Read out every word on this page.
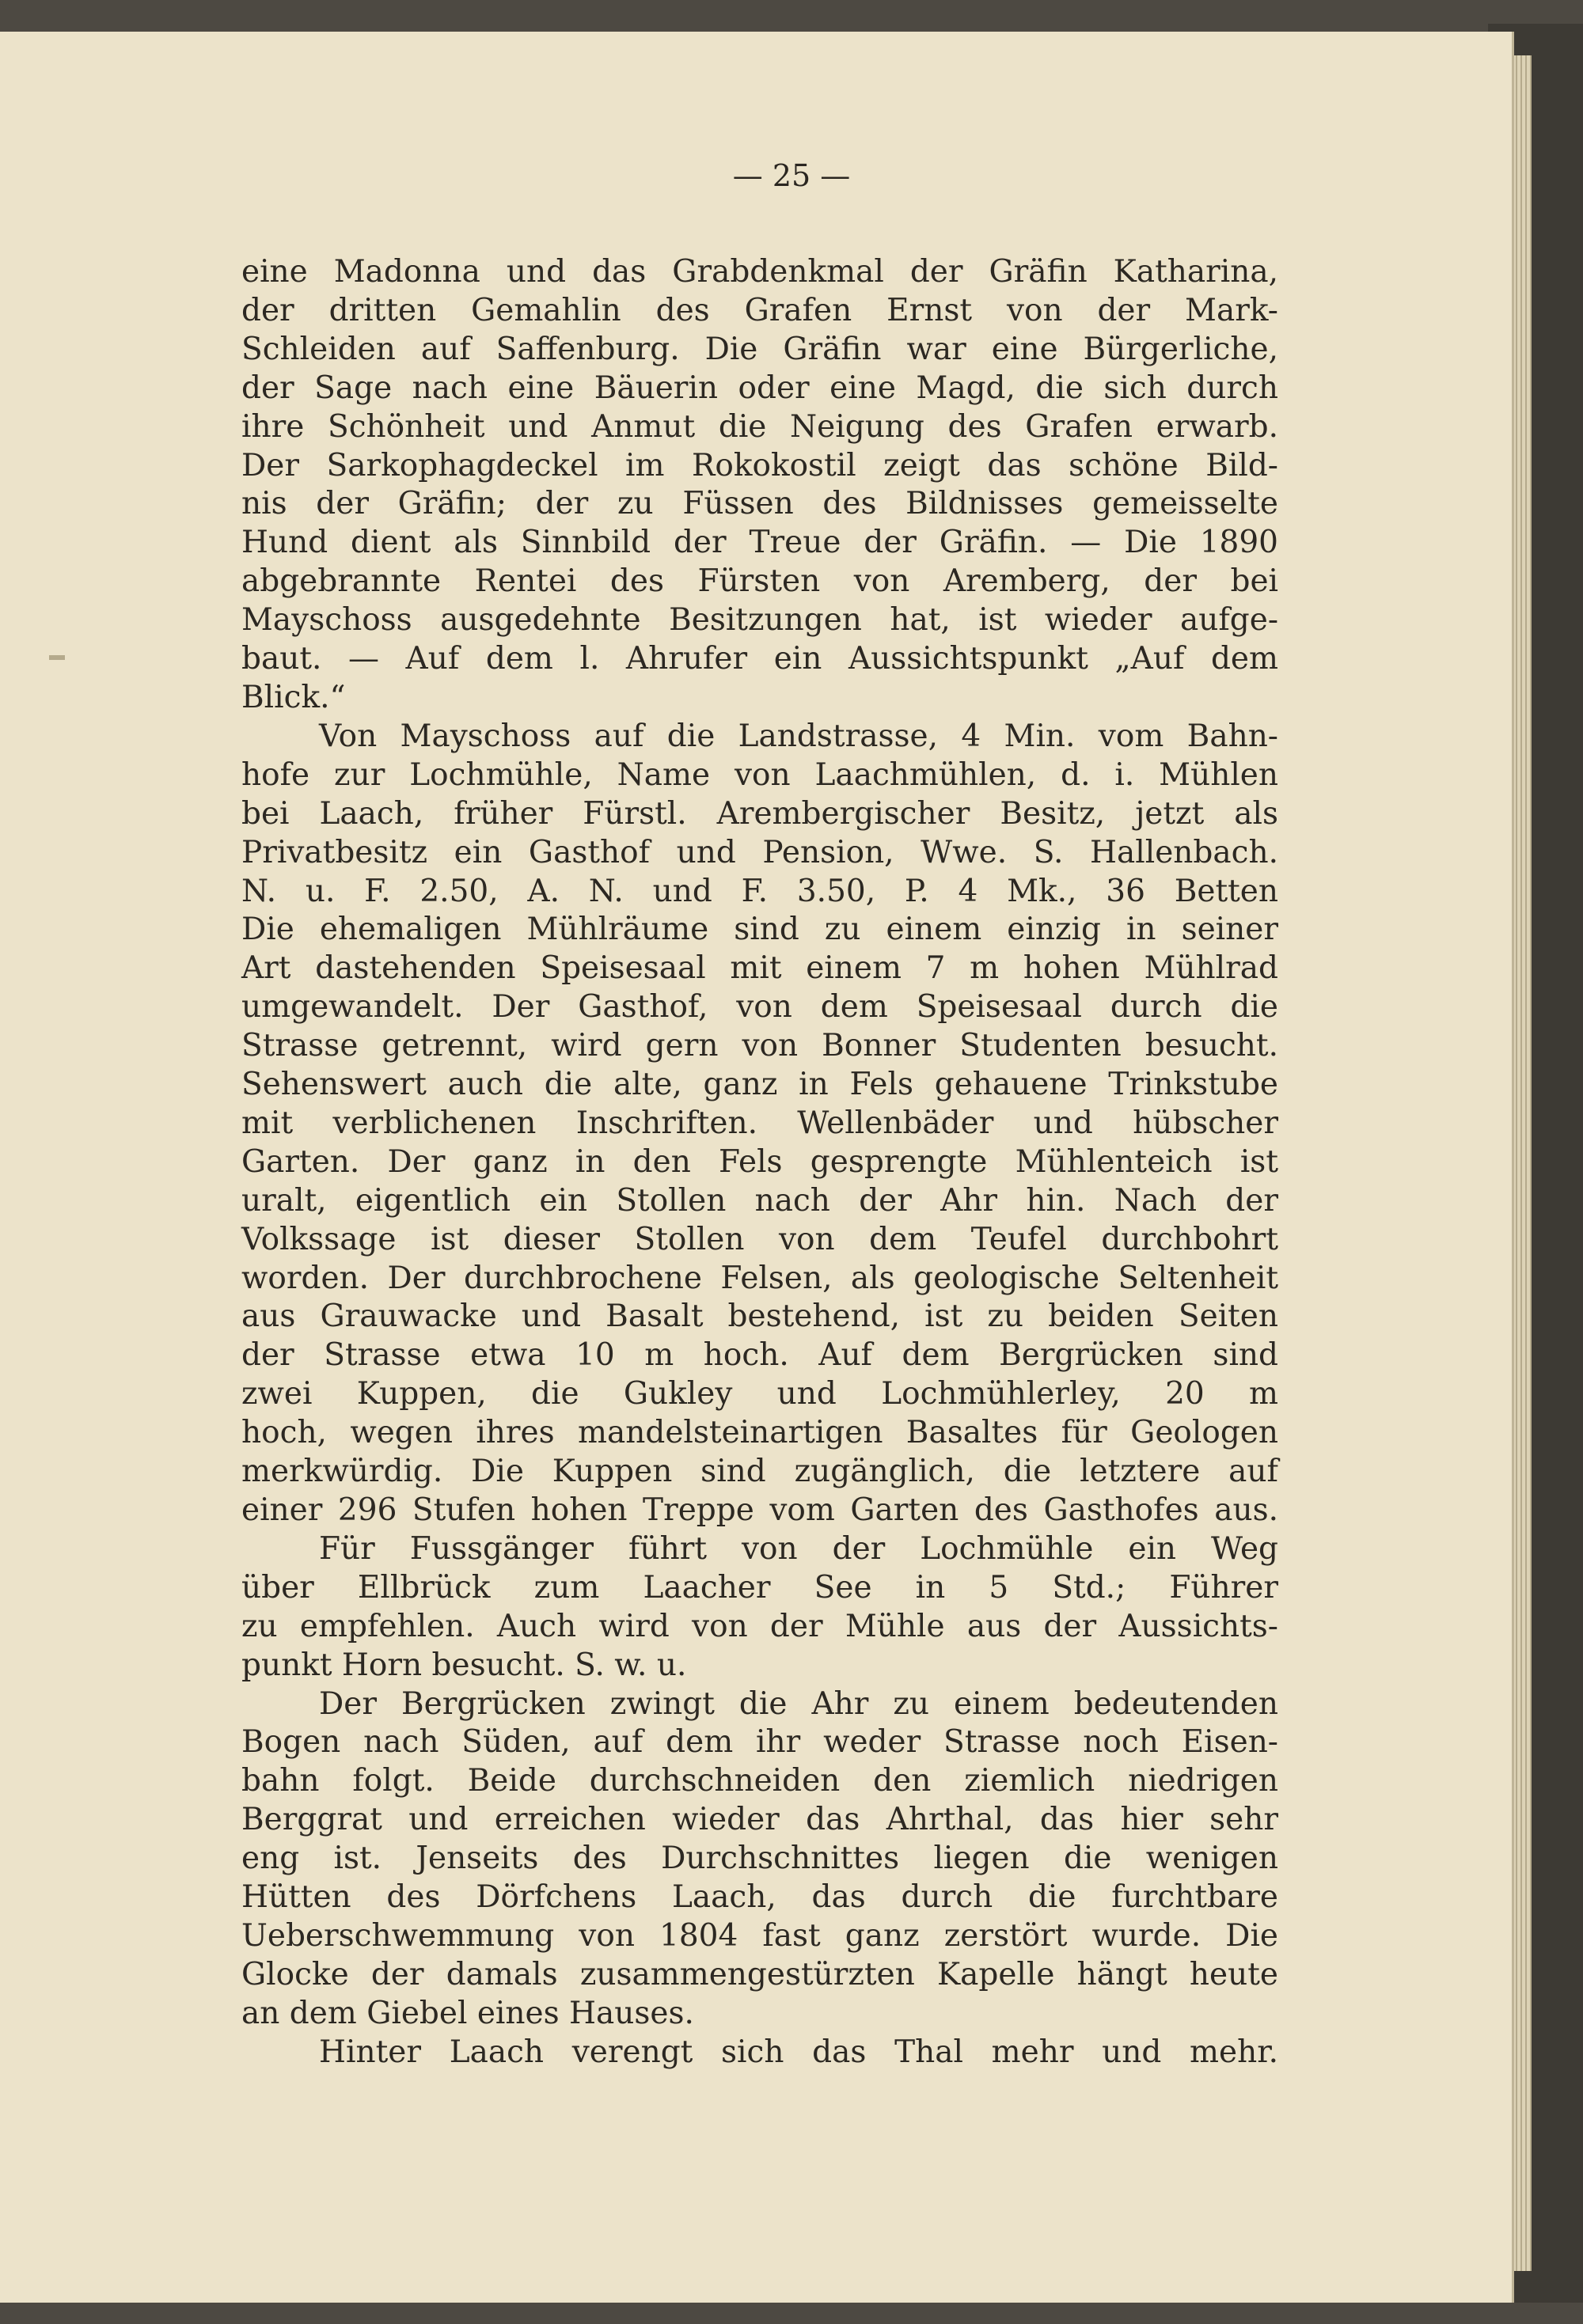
— 25 —
eine Madonna und das Grabdenkmal der Gräfin Katharina,
der dritten Gemahlin des Grafen Ernst von der Mark-
Schleiden auf Saffenburg. Die Gräfin war eine Bürgerliche,
der Sage nach eine Bäuerin oder eine Magd, die sich durch
ihre Schönheit und Anmut die Neigung des Grafen erwarb.
Der Sarkophagdeckel im Rokokostil zeigt das schöne Bild-
nis der Gräfin; der zu Füssen des Bildnisses gemeisselte
Hund dient als Sinnbild der Treue der Gräfin. — Die 1890
abgebrannte Rentei des Fürsten von Aremberg, der bei
Mayschoss ausgedehnte Besitzungen hat, ist wieder aufge-
baut. — Auf dem l. Ahrufer ein Aussichtspunkt „Auf dem
Blick.“
Von Mayschoss auf die Landstrasse, 4 Min. vom Bahn-
hofe zur Lochmühle, Name von Laachmühlen, d. i. Mühlen
bei Laach, früher Fürstl. Arembergischer Besitz, jetzt als
Privatbesitz ein Gasthof und Pension, Wwe. S. Hallenbach.
N. u. F. 2.50, A. N. und F. 3.50, P. 4 Mk., 36 Betten
Die ehemaligen Mühlräume sind zu einem einzig in seiner
Art dastehenden Speisesaal mit einem 7 m hohen Mühlrad
umgewandelt. Der Gasthof, von dem Speisesaal durch die
Strasse getrennt, wird gern von Bonner Studenten besucht.
Sehenswert auch die alte, ganz in Fels gehauene Trinkstube
mit verblichenen Inschriften. Wellenbäder und hübscher
Garten. Der ganz in den Fels gesprengte Mühlenteich ist
uralt, eigentlich ein Stollen nach der Ahr hin. Nach der
Volkssage ist dieser Stollen von dem Teufel durchbohrt
worden. Der durchbrochene Felsen, als geologische Seltenheit
aus Grauwacke und Basalt bestehend, ist zu beiden Seiten
der Strasse etwa 10 m hoch. Auf dem Bergrücken sind
zwei Kuppen, die Gukley und Lochmühlerley, 20 m
hoch, wegen ihres mandelsteinartigen Basaltes für Geologen
merkwürdig. Die Kuppen sind zugänglich, die letztere auf
einer 296 Stufen hohen Treppe vom Garten des Gasthofes aus.
Für Fussgänger führt von der Lochmühle ein Weg
über Ellbrück zum Laacher See in 5 Std.; Führer
zu empfehlen. Auch wird von der Mühle aus der Aussichts-
punkt Horn besucht. S. w. u.
Der Bergrücken zwingt die Ahr zu einem bedeutenden
Bogen nach Süden, auf dem ihr weder Strasse noch Eisen-
bahn folgt. Beide durchschneiden den ziemlich niedrigen
Berggrat und erreichen wieder das Ahrthal, das hier sehr
eng ist. Jenseits des Durchschnittes liegen die wenigen
Hütten des Dörfchens Laach, das durch die furchtbare
Ueberschwemmung von 1804 fast ganz zerstört wurde. Die
Glocke der damals zusammengestürzten Kapelle hängt heute
an dem Giebel eines Hauses.
Hinter Laach verengt sich das Thal mehr und mehr.
